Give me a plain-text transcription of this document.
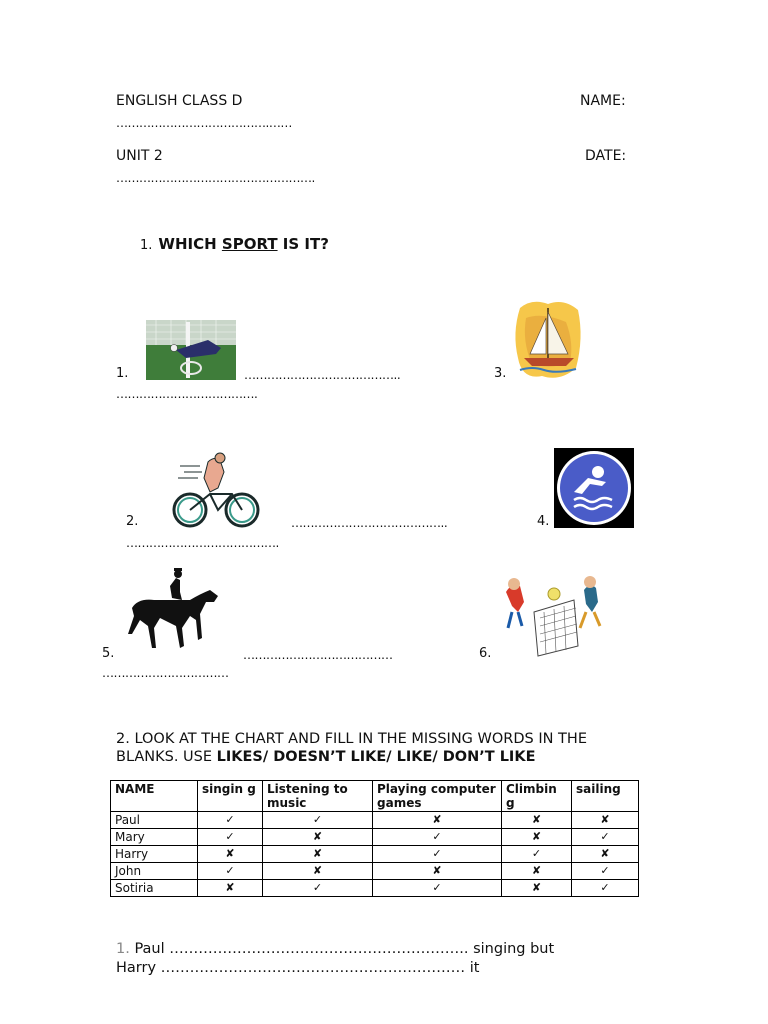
ENGLISH CLASS D	NAME:
………………………………….……
UNIT 2	DATE:
…………………………………………….
1. WHICH SPORT IS IT?
1.	…………………………………..	3.
……………………………….
2.	…………………………………..	4.
………………………………….
5.	…………………………………	6.
……………………………
2. LOOK AT THE CHART AND FILL IN THE MISSING WORDS IN THE BLANKS. USE LIKES/ DOESN’T LIKE/ LIKE/ DON’T LIKE
NAME	singin g	Listening to music	Playing computer games	Climbin g	sailing
Paul	✓	✓	✘	✘	✘
Mary	✓	✘	✓	✘	✓
Harry	✘	✘	✓	✓	✘
John	✓	✘	✘	✘	✓
Sotiria	✘	✓	✓	✘	✓
1. Paul …………………………………………………….. singing but
Harry ……………………………………………………… it
